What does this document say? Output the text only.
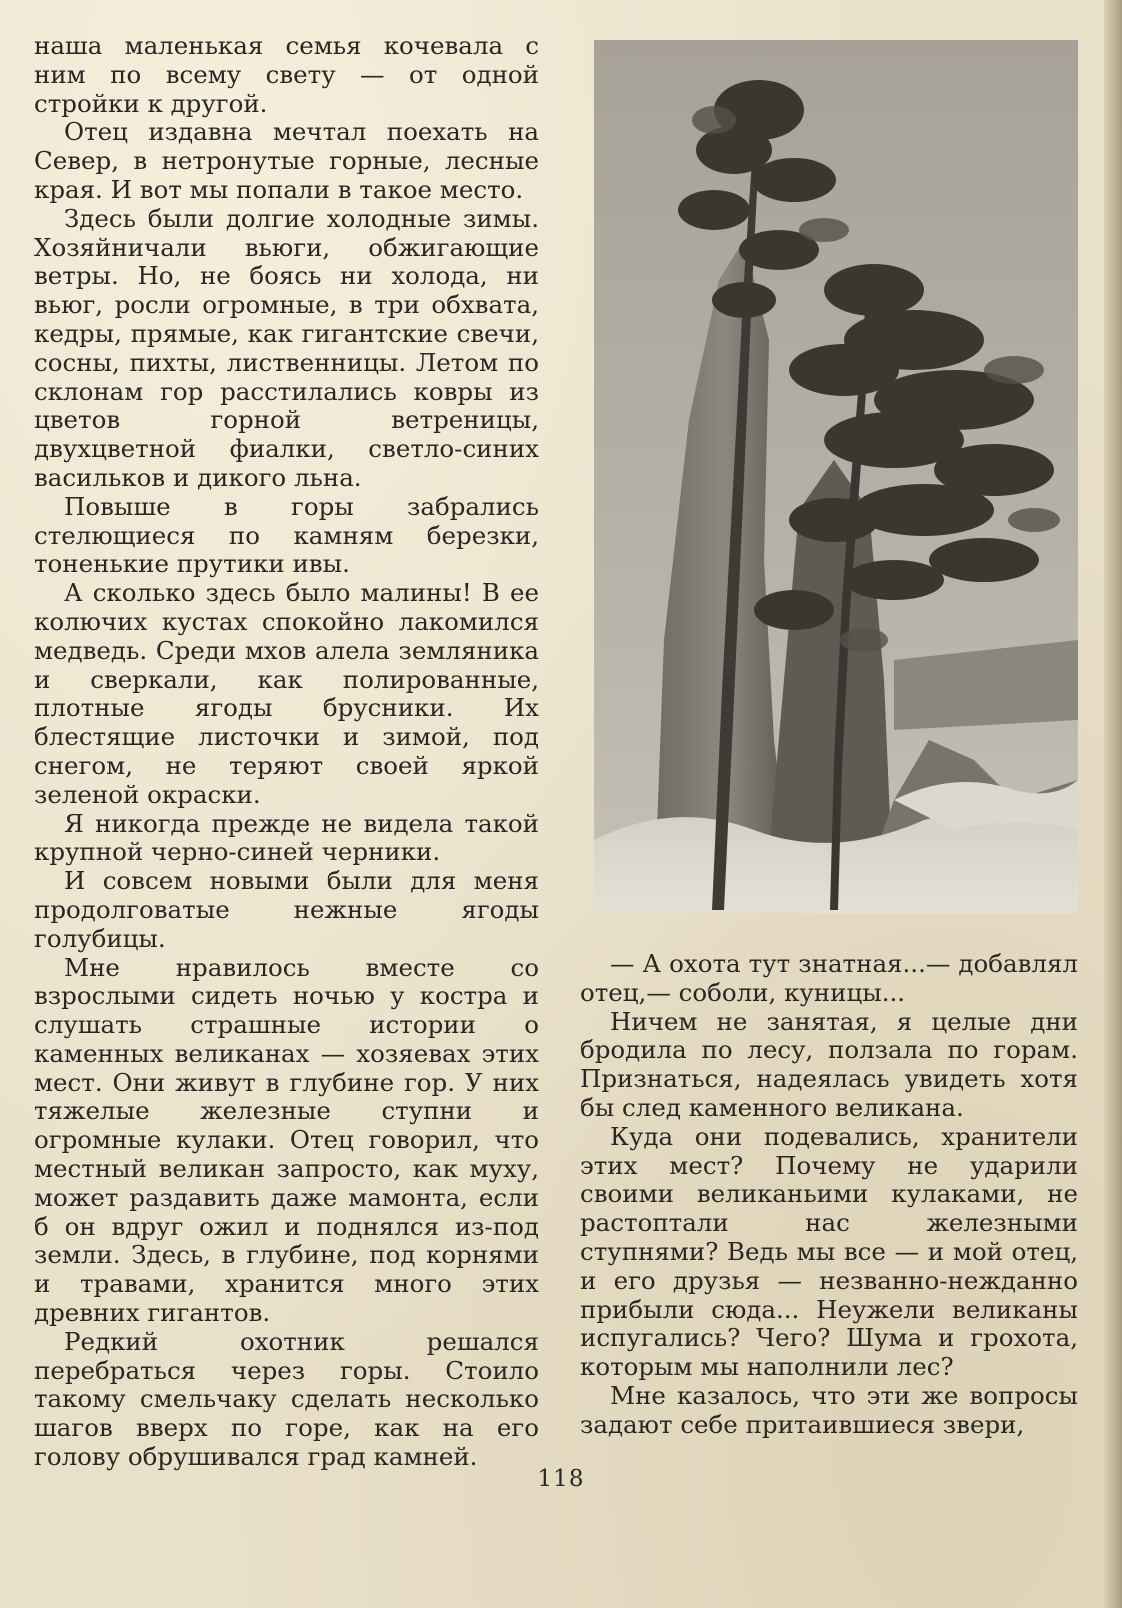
наша маленькая семья кочевала с ним по всему свету — от одной стройки к другой.

Отец издавна мечтал поехать на Север, в нетронутые горные, лесные края. И вот мы попали в такое место.

Здесь были долгие холодные зимы. Хозяйничали вьюги, обжигающие ветры. Но, не боясь ни холода, ни вьюг, росли огромные, в три обхвата, кедры, прямые, как гигантские свечи, сосны, пихты, лиственницы. Летом по склонам гор расстилались ковры из цветов горной ветреницы, двухцветной фиалки, светло-синих васильков и дикого льна.

Повыше в горы забрались стелющиеся по камням березки, тоненькие прутики ивы.

А сколько здесь было малины! В ее колючих кустах спокойно лакомился медведь. Среди мхов алела земляника и сверкали, как полированные, плотные ягоды брусники. Их блестящие листочки и зимой, под снегом, не теряют своей яркой зеленой окраски.

Я никогда прежде не видела такой крупной черно-синей черники.

И совсем новыми были для меня продолговатые нежные ягоды голубицы.

Мне нравилось вместе со взрослыми сидеть ночью у костра и слушать страшные истории о каменных великанах — хозяевах этих мест. Они живут в глубине гор. У них тяжелые железные ступни и огромные кулаки. Отец говорил, что местный великан запросто, как муху, может раздавить даже мамонта, если б он вдруг ожил и поднялся из-под земли. Здесь, в глубине, под корнями и травами, хранится много этих древних гигантов.

Редкий охотник решался перебраться через горы. Стоило такому смельчаку сделать несколько шагов вверх по горе, как на его голову обрушивался град камней.

— А охота тут знатная...— добавлял отец,— соболи, куницы...

Ничем не занятая, я целые дни бродила по лесу, ползала по горам. Признаться, надеялась увидеть хотя бы след каменного великана.

Куда они подевались, хранители этих мест? Почему не ударили своими великаньими кулаками, не растоптали нас железными ступнями? Ведь мы все — и мой отец, и его друзья — незванно-нежданно прибыли сюда... Неужели великаны испугались? Чего? Шума и грохота, которым мы наполнили лес?

Мне казалось, что эти же вопросы задают себе притаившиеся звери,

118
